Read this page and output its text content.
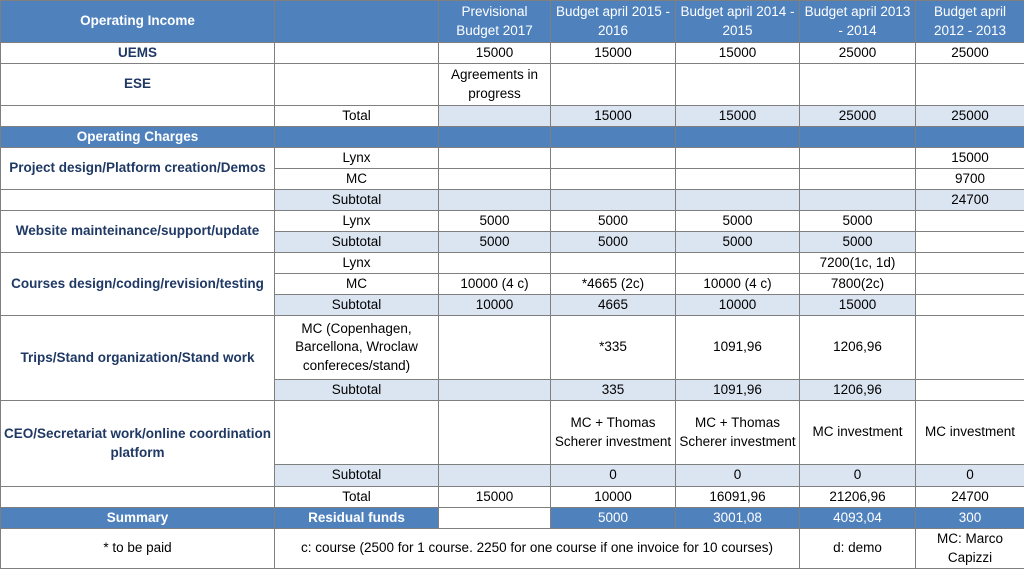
Operating Income		Previsional Budget 2017	Budget april 2015 - 2016	Budget april 2014 - 2015	Budget april 2013 - 2014	Budget april 2012 - 2013
UEMS		15000	15000	15000	25000	25000
ESE		Agreements in progress				
	Total		15000	15000	25000	25000
Operating Charges						
Project design/Platform creation/Demos	Lynx					15000
	MC					9700
	Subtotal					24700
Website mainteinance/support/update	Lynx	5000	5000	5000	5000	
	Subtotal	5000	5000	5000	5000	
Courses design/coding/revision/testing	Lynx				7200(1c, 1d)	
	MC	10000 (4 c)	*4665 (2c)	10000 (4 c)	7800(2c)	
	Subtotal	10000	4665	10000	15000	
Trips/Stand organization/Stand work	MC (Copenhagen, Barcellona, Wroclaw confereces/stand)		*335	1091,96	1206,96	
	Subtotal		335	1091,96	1206,96	
CEO/Secretariat work/online coordination platform			MC + Thomas Scherer investment	MC + Thomas Scherer investment	MC investment	MC investment
	Subtotal		0	0	0	0
	Total	15000	10000	16091,96	21206,96	24700
Summary	Residual funds		5000	3001,08	4093,04	300
* to be paid	c: course (2500 for 1 course. 2250 for one course if one invoice for 10 courses)				d: demo	MC: Marco Capizzi
